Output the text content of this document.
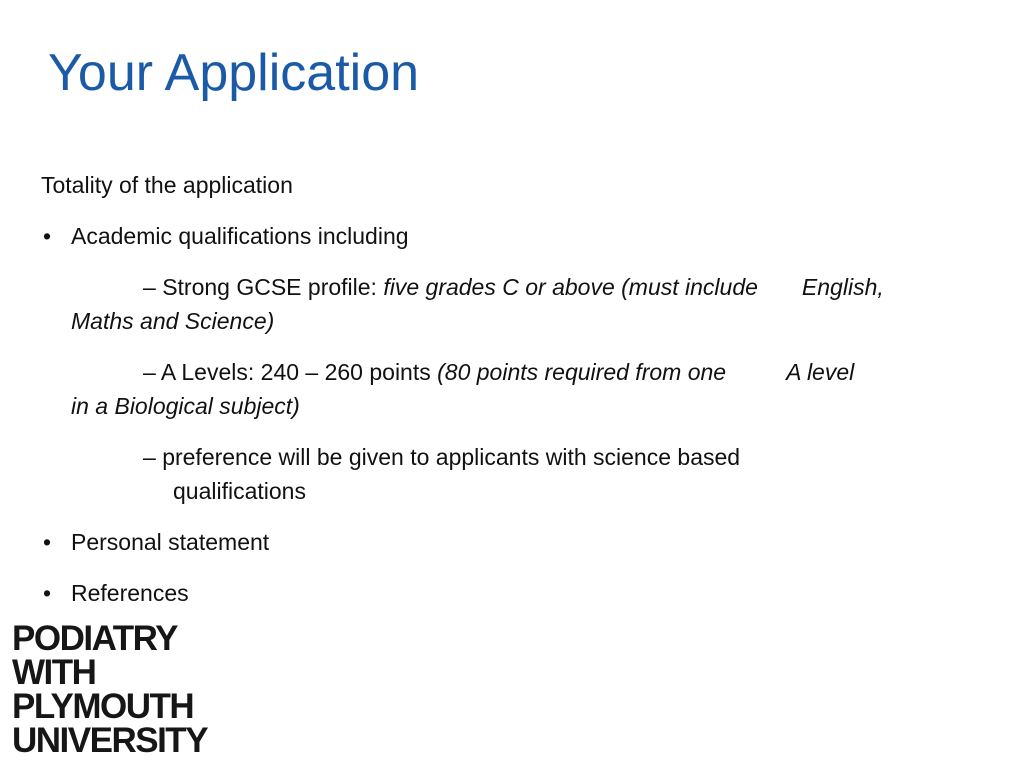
Your Application

Totality of the application

• Academic qualifications including
– Strong GCSE profile: five grades C or above (must include English,
Maths and Science)
– A Levels: 240 – 260 points (80 points required from one	A level
in a Biological subject)
– preference will be given to applicants with science based
qualifications
• Personal statement
• References
PODIATRY
WITH
PLYMOUTH
UNIVERSITY
